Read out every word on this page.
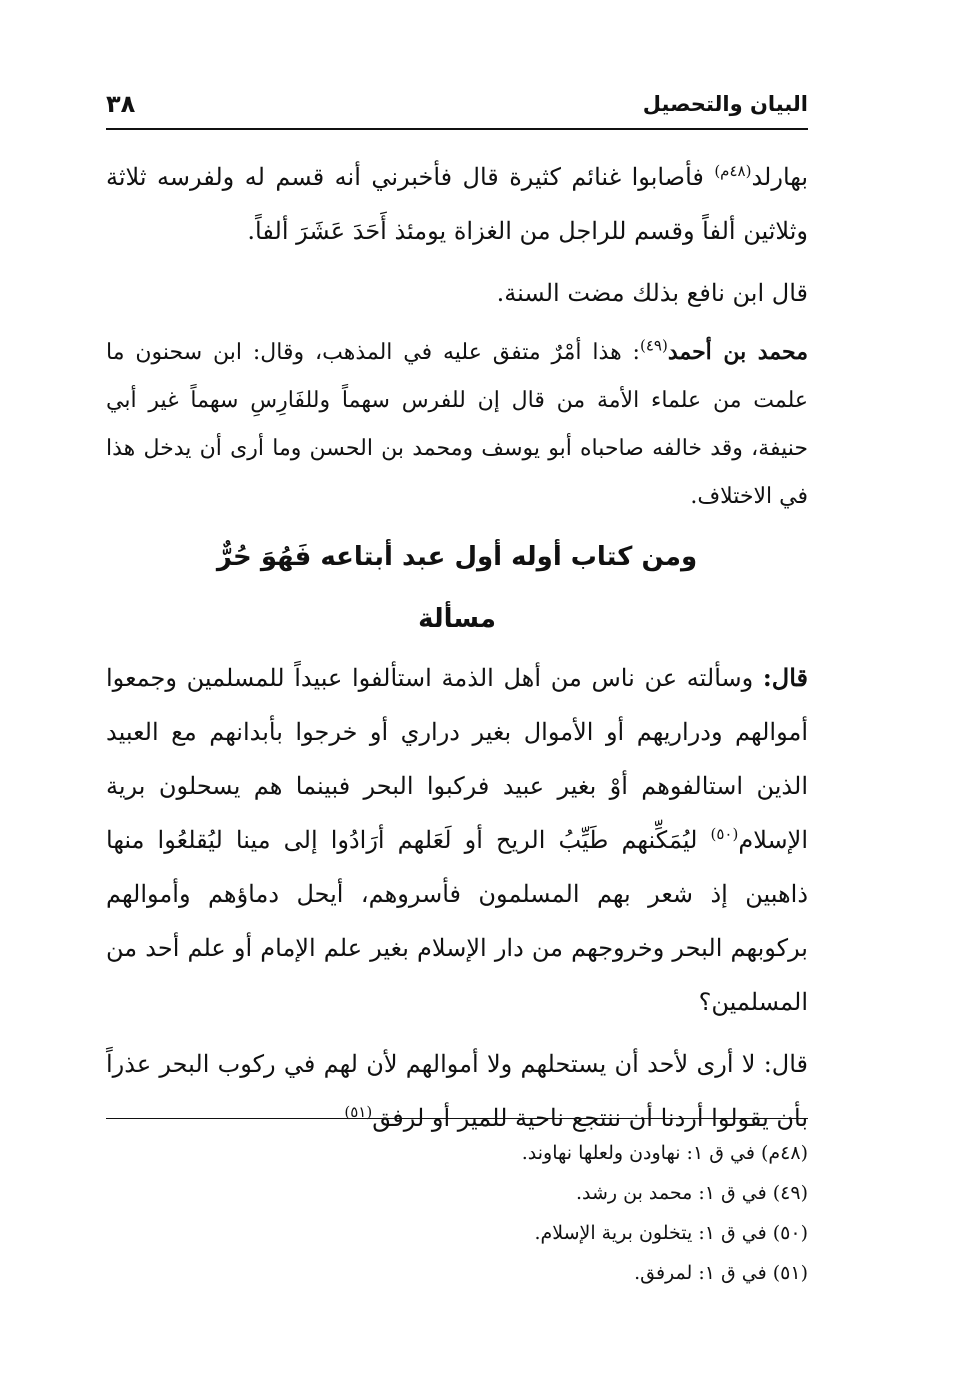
البيان والتحصيل
٣٨

بهارلد$^{(٤٨م)}$ فأصابوا غنائم كثيرة قال فأخبرني أنه قسم له ولفرسه ثلاثة وثلاثين ألفاً وقسم للراجل من الغزاة يومئذ أَحَدَ عَشَرَ ألفاً.

قال ابن نافع بذلك مضت السنة.

محمد بن أحمد$^{(٤٩)}$: هذا أمْرٌ متفق عليه في المذهب، وقال: ابن سحنون ما علمت من علماء الأمة من قال إن للفرس سهماً وللفَارِسِ سهماً غير أبي حنيفة، وقد خالفه صاحباه أبو يوسف ومحمد بن الحسن وما أرى أن يدخل هذا في الاختلاف.

ومن كتاب أوله أول عبد أبتاعه فَهُوَ حُرٌّ
مسألة

قال: وسألته عن ناس من أهل الذمة استألفوا عبيداً للمسلمين وجمعوا أموالهم ودراريهم أو الأموال بغير دراري أو خرجوا بأبدانهم مع العبيد الذين استالفوهم أوْ بغير عبيد فركبوا البحر فبينما هم يسحلون برية الإسلام$^{(٥٠)}$ ليُمَكِّنهم طَيِّبُ الريح أو لَعَلهم أرَادُوا إلى مينا ليُقلعُوا منها ذاهبين إذ شعر بهم المسلمون فأسروهم، أيحل دماؤهم وأموالهم بركوبهم البحر وخروجهم من دار الإسلام بغير علم الإمام أو علم أحد من المسلمين؟

قال: لا أرى لأحد أن يستحلهم ولا أموالهم لأن لهم في ركوب البحر عذراً بأن يقولوا أردنا أن ننتجع ناحية للمير أو لرفق$^{(٥١)}$

(٤٨م) في ق ١: نهاودن ولعلها نهاوند.
(٤٩) في ق ١: محمد بن رشد.
(٥٠) في ق ١: يتخلون برية الإسلام.
(٥١) في ق ١: لمرفق.
